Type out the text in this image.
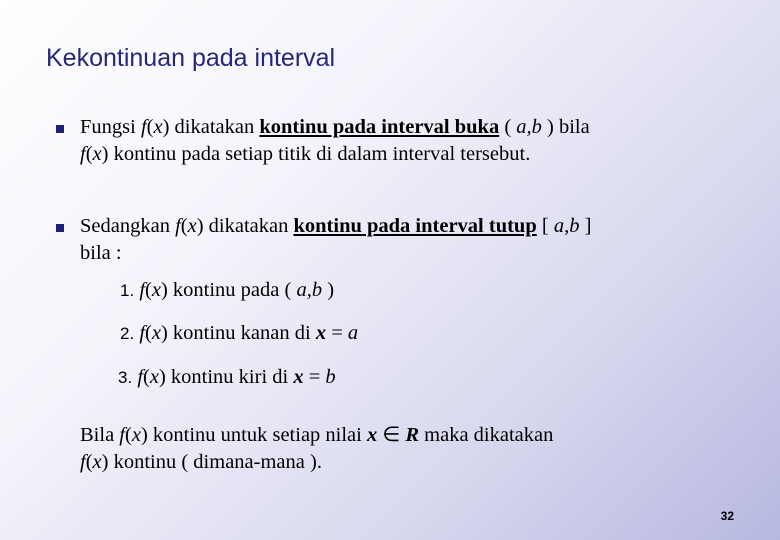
Kekontinuan pada interval
Fungsi f(x) dikatakan kontinu pada interval buka ( a,b ) bila
f(x) kontinu pada setiap titik di dalam interval tersebut.
Sedangkan f(x) dikatakan kontinu pada interval tutup [ a,b ]
bila :
1. f(x) kontinu pada ( a,b )
2. f(x) kontinu kanan di x = a
3. f(x) kontinu kiri di x = b
Bila f(x) kontinu untuk setiap nilai x ∈ R maka dikatakan
f(x) kontinu ( dimana-mana ).
32
